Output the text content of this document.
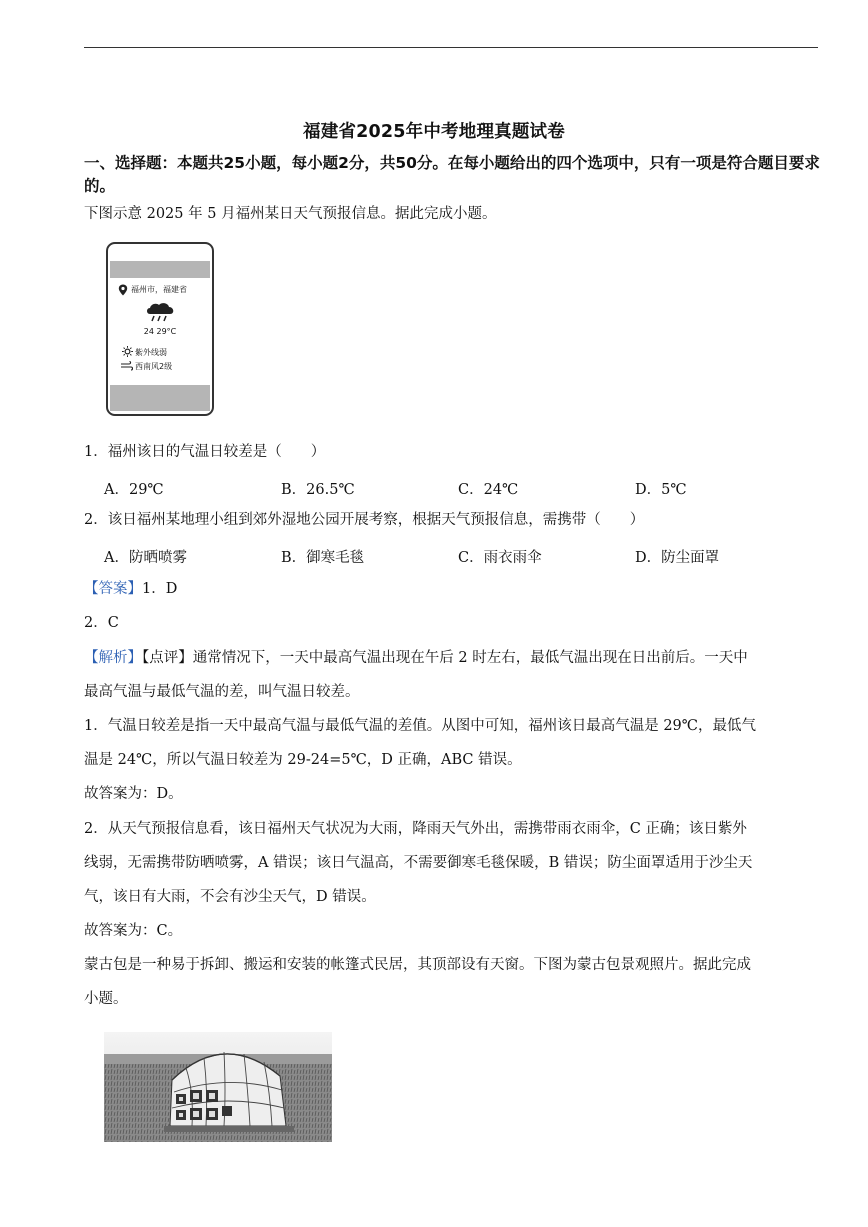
福建省2025年中考地理真题试卷
一、选择题：本题共25小题，每小题2分，共50分。在每小题给出的四个选项中，只有一项是符合题目要求的。
下图示意 2025 年 5 月福州某日天气预报信息。据此完成小题。
福州市，福建省
24 29°C
紫外线弱
西南风2级
1．福州该日的气温日较差是（　　）
A．29℃	B．26.5℃	C．24℃	D．5℃
2．该日福州某地理小组到郊外湿地公园开展考察，根据天气预报信息，需携带（　　）
A．防晒喷雾	B．御寒毛毯	C．雨衣雨伞	D．防尘面罩
【答案】1．D
2．C
【解析】【点评】通常情况下，一天中最高气温出现在午后 2 时左右，最低气温出现在日出前后。一天中
最高气温与最低气温的差，叫气温日较差。
1．气温日较差是指一天中最高气温与最低气温的差值。从图中可知，福州该日最高气温是 29℃，最低气
温是 24℃，所以气温日较差为 29-24=5℃，D 正确，ABC 错误。
故答案为：D。
2．从天气预报信息看，该日福州天气状况为大雨，降雨天气外出，需携带雨衣雨伞，C 正确；该日紫外
线弱，无需携带防晒喷雾，A 错误；该日气温高，不需要御寒毛毯保暖，B 错误；防尘面罩适用于沙尘天
气，该日有大雨，不会有沙尘天气，D 错误。
故答案为：C。
蒙古包是一种易于拆卸、搬运和安装的帐篷式民居，其顶部设有天窗。下图为蒙古包景观照片。据此完成
小题。
